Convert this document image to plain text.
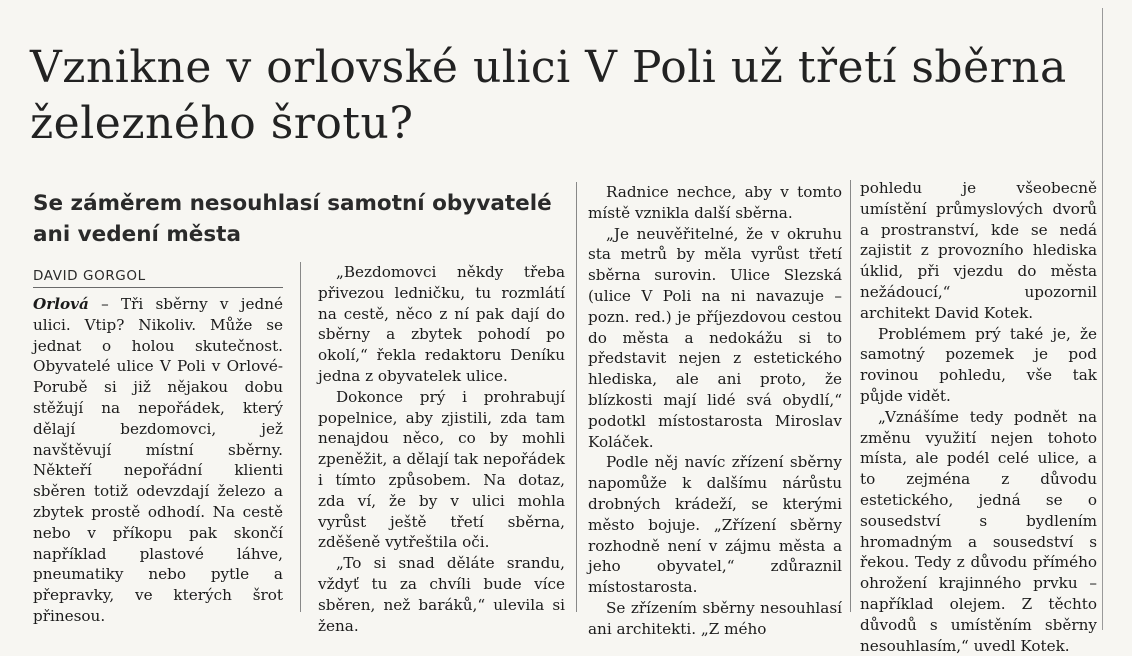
Vznikne v orlovské ulici V Poli už třetí sběrna železného šrotu?
Se záměrem nesouhlasí samotní obyvatelé ani vedení města
DAVID GORGOL

Orlová – Tři sběrny v jedné ulici. Vtip? Nikoliv. Může se jednat o holou skutečnost. Obyvatelé ulice V Poli v Orlové-Porubě si již nějakou dobu stěžují na nepořádek, který dělají bezdomovci, jež navštěvují místní sběrny. Někteří nepořádní klienti sběren totiž odevzdají železo a zbytek prostě odhodí. Na cestě nebo v příkopu pak skončí například plastové láhve, pneumatiky nebo pytle a přepravky, ve kterých šrot přinesou.

„Bezdomovci někdy třeba přivezou ledničku, tu rozmlátí na cestě, něco z ní pak dají do sběrny a zbytek pohodí po okolí,“ řekla redaktoru Deníku jedna z obyvatelek ulice.

Dokonce prý i prohrabují popelnice, aby zjistili, zda tam nenajdou něco, co by mohli zpeněžit, a dělají tak nepořádek i tímto způsobem. Na dotaz, zda ví, že by v ulici mohla vyrůst ještě třetí sběrna, zděšeně vytřeštila oči.

„To si snad děláte srandu, vždyť tu za chvíli bude více sběren, než baráků,“ ulevila si žena.

Radnice nechce, aby v tomto místě vznikla další sběrna.

„Je neuvěřitelné, že v okruhu sta metrů by měla vyrůst třetí sběrna surovin. Ulice Slezská (ulice V Poli na ni navazuje – pozn. red.) je příjezdovou cestou do města a nedokážu si to představit nejen z estetického hlediska, ale ani proto, že blízkosti mají lidé svá obydlí,“ podotkl místostarosta Miroslav Koláček.

Podle něj navíc zřízení sběrny napomůže k dalšímu nárůstu drobných krádeží, se kterými město bojuje. „Zřízení sběrny rozhodně není v zájmu města a jeho obyvatel,“ zdůraznil místostarosta.

Se zřízením sběrny nesouhlasí ani architekti. „Z mého

pohledu je všeobecně umístění průmyslových dvorů a prostranství, kde se nedá zajistit z provozního hlediska úklid, při vjezdu do města nežádoucí,“ upozornil architekt David Kotek.

Problémem prý také je, že samotný pozemek je pod rovinou pohledu, vše tak půjde vidět.

„Vznášíme tedy podnět na změnu využití nejen tohoto místa, ale podél celé ulice, a to zejména z důvodu estetického, jedná se o sousedství s bydlením hromadným a sousedství s řekou. Tedy z důvodu přímého ohrožení krajinného prvku – například olejem. Z těchto důvodů s umístěním sběrny nesouhlasím,“ uvedl Kotek.
